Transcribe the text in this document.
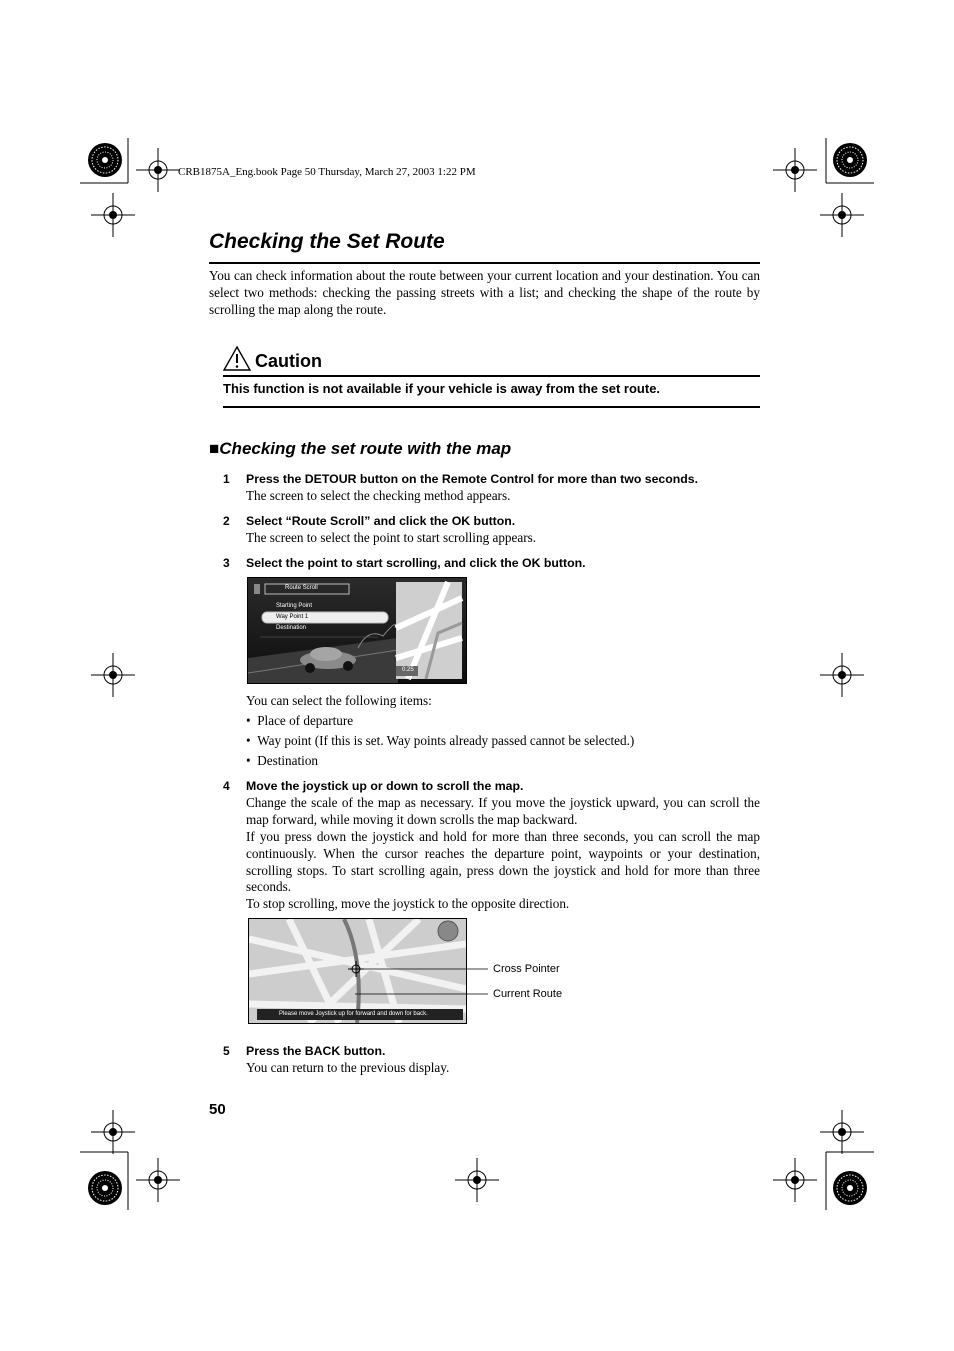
CRB1875A_Eng.book Page 50 Thursday, March 27, 2003 1:22 PM
Checking the Set Route
You can check information about the route between your current location and your destination. You can select two methods: checking the passing streets with a list; and checking the shape of the route by scrolling the map along the route.
Caution
This function is not available if your vehicle is away from the set route.
■Checking the set route with the map
1 Press the DETOUR button on the Remote Control for more than two seconds.
The screen to select the checking method appears.
2 Select “Route Scroll” and click the OK button.
The screen to select the point to start scrolling appears.
3 Select the point to start scrolling, and click the OK button.
Route Scroll
Starting Point
Way Point 1
Destination
0.25
You can select the following items:
•  Place of departure
•  Way point (If this is set. Way points already passed cannot be selected.)
•  Destination
4 Move the joystick up or down to scroll the map.
Change the scale of the map as necessary. If you move the joystick upward, you can scroll the map forward, while moving it down scrolls the map backward.
If you press down the joystick and hold for more than three seconds, you can scroll the map continuously. When the cursor reaches the departure point, waypoints or your destination, scrolling stops. To start scrolling again, press down the joystick and hold for more than three seconds.
To stop scrolling, move the joystick to the opposite direction.
Please move Joystick up for forward and down for back.
Cross Pointer
Current Route
5 Press the BACK button.
You can return to the previous display.
50
